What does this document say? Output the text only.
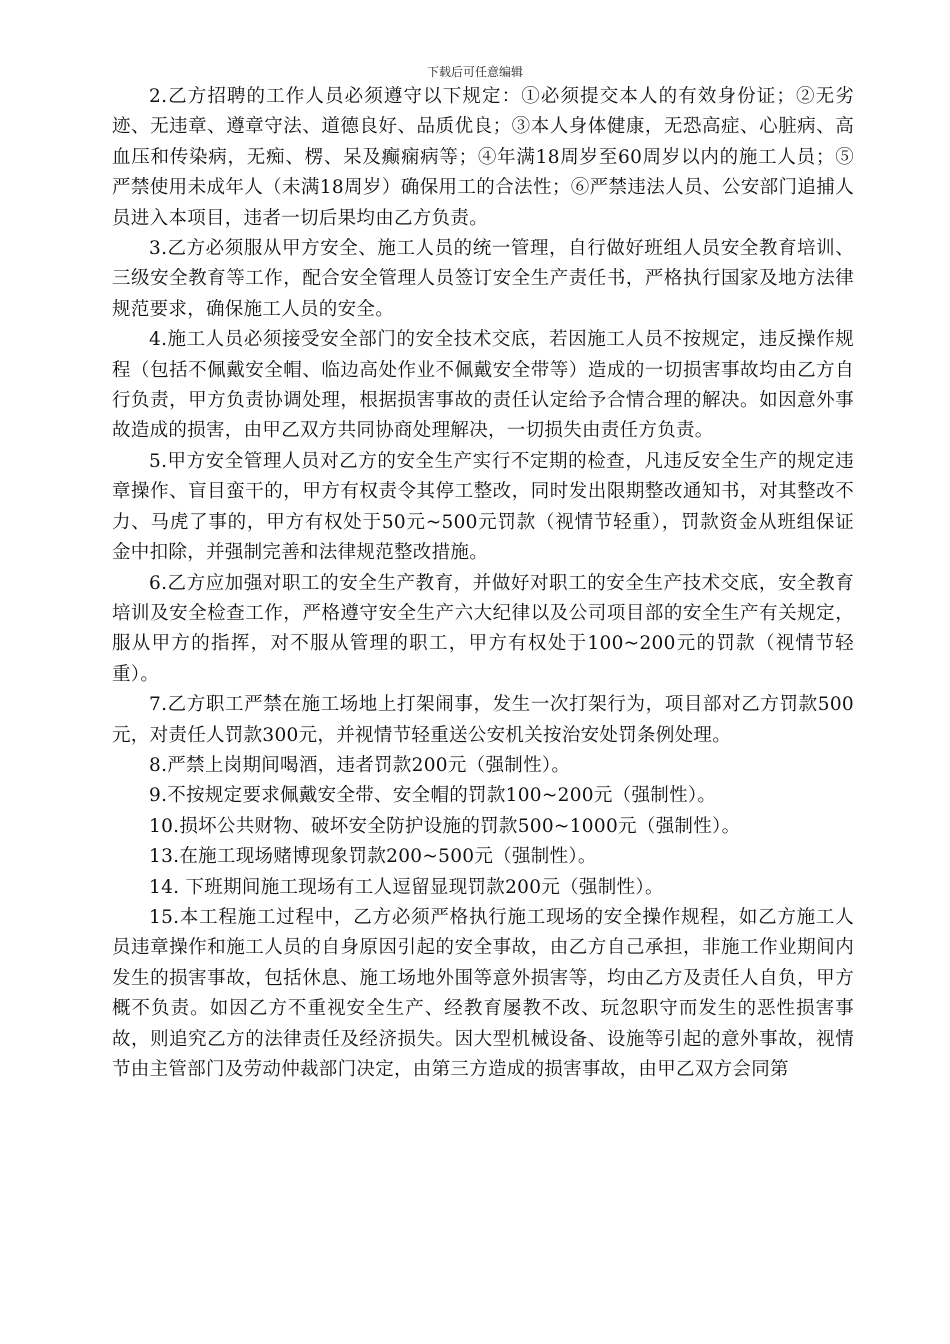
下载后可任意编辑

2.乙方招聘的工作人员必须遵守以下规定：①必须提交本人的有效身份证；②无劣迹、无违章、遵章守法、道德良好、品质优良；③本人身体健康，无恐高症、心脏病、高血压和传染病，无痴、楞、呆及癫痫病等；④年满18周岁至60周岁以内的施工人员；⑤严禁使用未成年人（未满18周岁）确保用工的合法性；⑥严禁违法人员、公安部门追捕人员进入本项目，违者一切后果均由乙方负责。

3.乙方必须服从甲方安全、施工人员的统一管理，自行做好班组人员安全教育培训、三级安全教育等工作，配合安全管理人员签订安全生产责任书，严格执行国家及地方法律规范要求，确保施工人员的安全。

4.施工人员必须接受安全部门的安全技术交底，若因施工人员不按规定，违反操作规程（包括不佩戴安全帽、临边高处作业不佩戴安全带等）造成的一切损害事故均由乙方自行负责，甲方负责协调处理，根据损害事故的责任认定给予合情合理的解决。如因意外事故造成的损害，由甲乙双方共同协商处理解决，一切损失由责任方负责。

5.甲方安全管理人员对乙方的安全生产实行不定期的检查，凡违反安全生产的规定违章操作、盲目蛮干的，甲方有权责令其停工整改，同时发出限期整改通知书，对其整改不力、马虎了事的，甲方有权处于50元~500元罚款（视情节轻重），罚款资金从班组保证金中扣除，并强制完善和法律规范整改措施。

6.乙方应加强对职工的安全生产教育，并做好对职工的安全生产技术交底，安全教育培训及安全检查工作，严格遵守安全生产六大纪律以及公司项目部的安全生产有关规定，服从甲方的指挥，对不服从管理的职工，甲方有权处于100~200元的罚款（视情节轻重）。

7.乙方职工严禁在施工场地上打架闹事，发生一次打架行为，项目部对乙方罚款500元，对责任人罚款300元，并视情节轻重送公安机关按治安处罚条例处理。

8.严禁上岗期间喝酒，违者罚款200元（强制性）。

9.不按规定要求佩戴安全带、安全帽的罚款100~200元（强制性）。

10.损坏公共财物、破坏安全防护设施的罚款500~1000元（强制性）。

13.在施工现场赌博现象罚款200~500元（强制性）。

14. 下班期间施工现场有工人逗留显现罚款200元（强制性）。

15.本工程施工过程中，乙方必须严格执行施工现场的安全操作规程，如乙方施工人员违章操作和施工人员的自身原因引起的安全事故，由乙方自己承担，非施工作业期间内发生的损害事故，包括休息、施工场地外围等意外损害等，均由乙方及责任人自负，甲方概不负责。如因乙方不重视安全生产、经教育屡教不改、玩忽职守而发生的恶性损害事故，则追究乙方的法律责任及经济损失。因大型机械设备、设施等引起的意外事故，视情节由主管部门及劳动仲裁部门决定，由第三方造成的损害事故，由甲乙双方会同第
